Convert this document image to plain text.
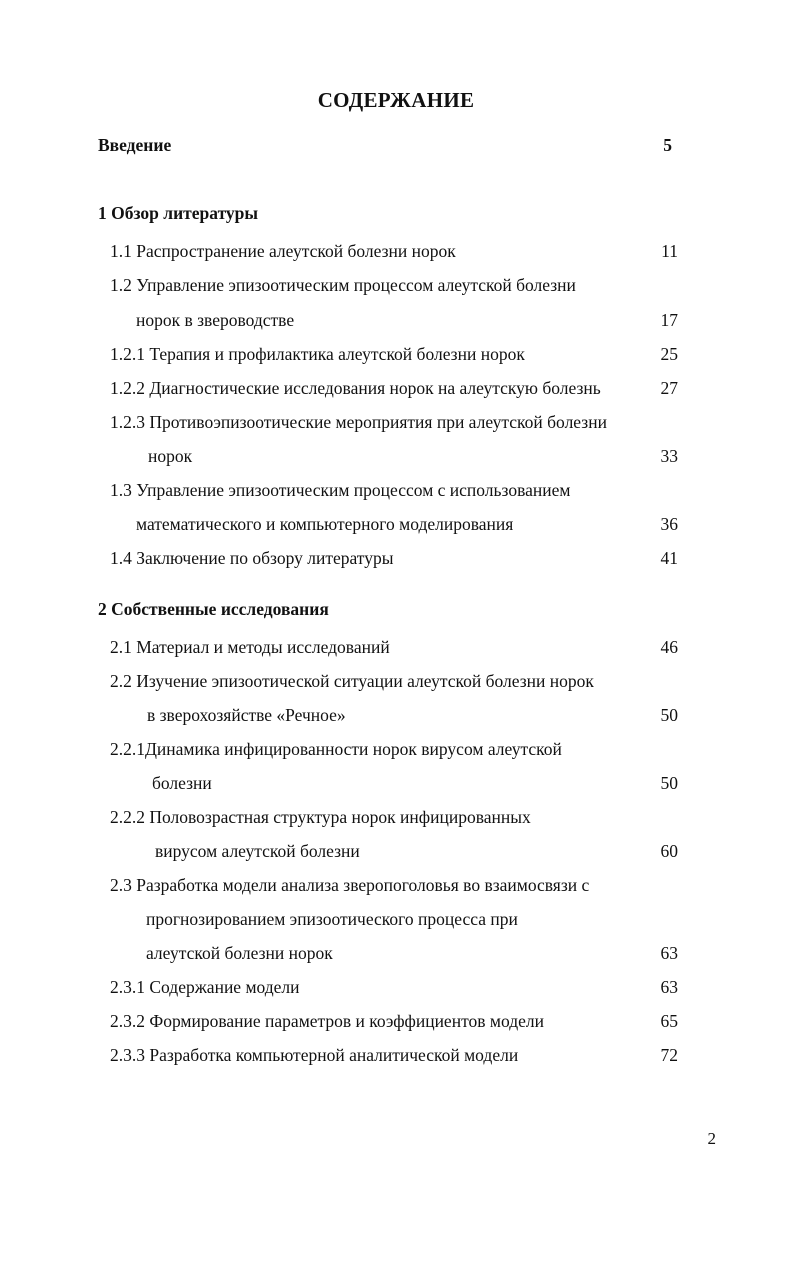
СОДЕРЖАНИЕ
Введение	5
1 Обзор литературы
1.1 Распространение алеутской болезни норок	11
1.2 Управление эпизоотическим процессом алеутской болезни
норок в звероводстве	17
1.2.1 Терапия и профилактика алеутской болезни норок	25
1.2.2 Диагностические исследования норок на алеутскую болезнь	27
1.2.3 Противоэпизоотические мероприятия при алеутской болезни
норок	33
1.3 Управление эпизоотическим процессом с использованием
математического и компьютерного моделирования	36
1.4 Заключение по обзору литературы	41
2 Собственные исследования
2.1 Материал и методы исследований	46
2.2 Изучение эпизоотической ситуации алеутской болезни норок
в зверохозяйстве «Речное»	50
2.2.1Динамика инфицированности норок вирусом алеутской
болезни	50
2.2.2 Половозрастная структура норок инфицированных
вирусом алеутской болезни	60
2.3 Разработка модели анализа зверопоголовья во взаимосвязи с
прогнозированием эпизоотического процесса при
алеутской болезни норок	63
2.3.1 Содержание модели	63
2.3.2 Формирование параметров и коэффициентов модели	65
2.3.3 Разработка компьютерной аналитической модели	72
2
